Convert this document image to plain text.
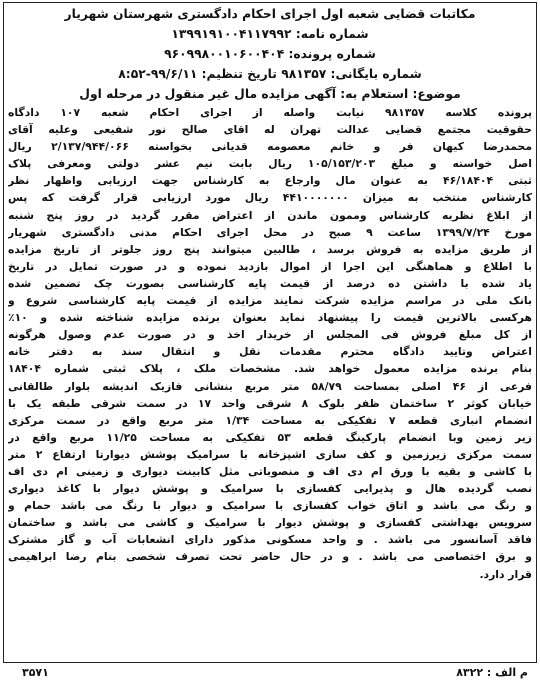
مکاتبات قضایی شعبه اول اجرای احکام دادگستری شهرستان شهریار
شماره نامه: ۱۳۹۹۱۹۱۰۰۴۱۱۷۹۹۲
شماره پرونده: ۹۶۰۹۹۸۰۰۱۰۶۰۰۴۰۴
شماره بایگانی: ۹۸۱۳۵۷ تاریخ تنظیم: ۹۹/۶/۱۱-۸:۵۲
موضوع: استعلام به: آگهی مزایده مال غیر منقول در مرحله اول

پرونده کلاسه ۹۸۱۳۵۷ نیابت واصله از اجرای احکام شعبه ۱۰۷ دادگاه

حقوقیت مجتمع قضایی عدالت تهران له اقای صالح نور شفیعی وعلیه آقای

محمدرضا کیهان فر و خانم معصومه قدیانی بخواسته ۲/۱۳۷/۹۴۴/۰۶۶ ریال

اصل خواسته و مبلغ ۱۰۵/۱۵۳/۲۰۳ ریال بابت نیم عشر دولتی ومعرفی پلاک

ثبتی ۴۶/۱۸۴۰۴ به عنوان مال وارجاع به کارشناس جهت ارزیابی واظهار نظر

کارشناس منتخب به میزان ۴۴۱۰۰۰۰۰۰۰ ریال مورد ارزیابی قرار گرفت که پس

از ابلاغ نظریه کارشناس وممون ماندن از اعتراض مقرر گردید در روز پنج شنبه

مورخ ۱۳۹۹/۷/۲۴ ساعت ۹ صبح در محل اجرای احکام مدنی دادگستری شهریار

از طریق مزایده به فروش برسد ، طالبین میتوانند پنج روز جلوتر از تاریخ مزایده

با اطلاع و هماهنگی این اجرا از اموال بازدید نموده و در صورت تمایل در تاریخ

یاد شده با داشتن ده درصد از قیمت پایه کارشناسی بصورت چک تضمین شده

بانک ملی در مراسم مزایده شرکت نمایند مزایده از قیمت پایه کارشناسی شروع و

هرکسی بالاترین قیمت را پیشنهاد نماید بعنوان برنده مزایده شناخته شده و ۱۰٪

از کل مبلغ فروش فی المجلس از خریدار اخذ و در صورت عدم وصول هرگونه

اعتراض وتایید دادگاه محترم مقدمات نقل و انتقال سند به دفتر خانه

بنام برنده مزایده معمول خواهد شد. مشخصات ملک ، پلاک ثبتی شماره ۱۸۴۰۴

فرعی از ۴۶ اصلی بمساحت ۵۸/۷۹ متر مربع بنشانی فازیک اندیشه بلوار طالقانی

خیابان کوثر ۲ ساختمان ظفر بلوک ۸ شرقی واحد ۱۷ در سمت شرقی طبقه یک با

انضمام انباری قطعه ۷ تفکیکی به مساحت ۱/۳۴ متر مربع واقع در سمت مرکزی

زیر زمین وبا انضمام پارکینگ قطعه ۵۳ تفکیکی به مساحت ۱۱/۲۵ مربع واقع در

سمت مرکزی زیرزمین و کف سازی اشپزخانه با سرامیک پوشش دیوارتا ارتفاع ۲ متر

با کاشی و بقیه با ورق ام دی اف و منصوباتی مثل کابینت دیواری و زمینی ام دی اف

نصب گردیده هال و پذیرایی کفسازی با سرامیک و پوشش دیوار با کاغذ دیواری

و رنگ می باشد و اتاق خواب کفسازی با سرامیک و دیوار با رنگ می باشد حمام و

سرویس بهداشتی کفسازی و پوشش دیوار با سرامیک و کاشی می باشد و ساختمان

فاقد آسانسور می باشد . و واحد مسکونی مذکور دارای انشعابات آب و گاز مشترک

و برق اختصاصی می باشد . و در حال حاضر تحت تصرف شخصی بنام رضا ابراهیمی

قرار دارد.

م الف : ۸۳۲۲
۳۵۷۱
